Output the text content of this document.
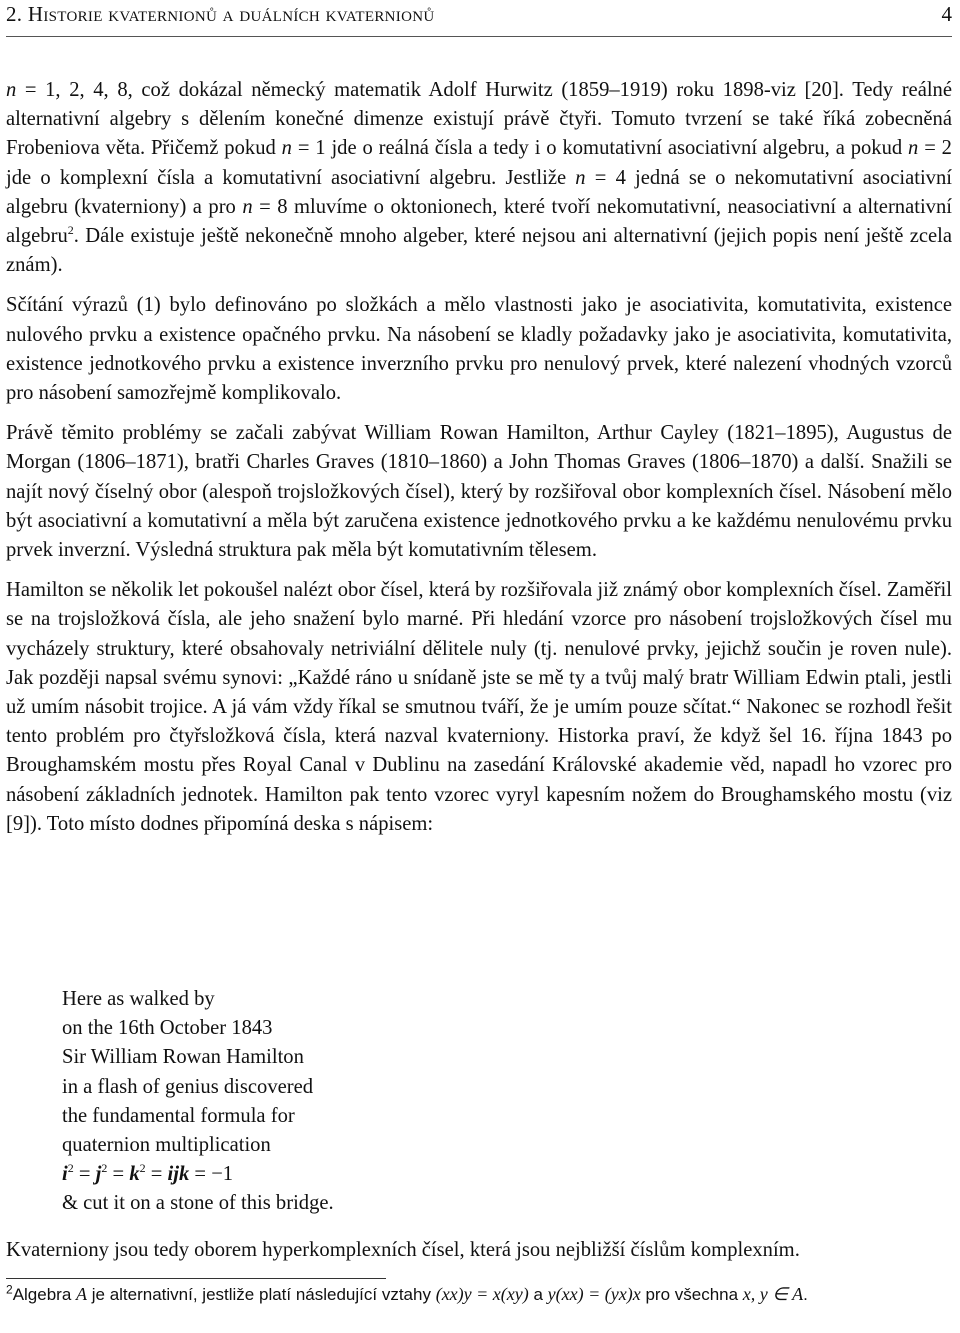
2. Historie kvaternionů a duálních kvaternionů	4

n = 1, 2, 4, 8, což dokázal německý matematik Adolf Hurwitz (1859–1919) roku 1898-viz [20]. Tedy reálné alternativní algebry s dělením konečné dimenze existují právě čtyři. Tomuto tvrzení se také říká zobecněná Frobeniova věta. Přičemž pokud n = 1 jde o reálná čísla a tedy i o komutativní asociativní algebru, a pokud n = 2 jde o komplexní čísla a komutativní asociativní algebru. Jestliže n = 4 jedná se o nekomutativní asociativní algebru (kvaterniony) a pro n = 8 mluvíme o oktonionech, které tvoří nekomutativní, neasociativní a alternativní algebru$^2$. Dále existuje ještě nekonečně mnoho algeber, které nejsou ani alternativní (jejich popis není ještě zcela znám).

Sčítání výrazů (1) bylo definováno po složkách a mělo vlastnosti jako je asociativita, komutativita, existence nulového prvku a existence opačného prvku. Na násobení se kladly požadavky jako je asociativita, komutativita, existence jednotkového prvku a existence inverzního prvku pro nenulový prvek, které nalezení vhodných vzorců pro násobení samozřejmě komplikovalo.

Právě těmito problémy se začali zabývat William Rowan Hamilton, Arthur Cayley (1821–1895), Augustus de Morgan (1806–1871), bratři Charles Graves (1810–1860) a John Thomas Graves (1806–1870) a další. Snažili se najít nový číselný obor (alespoň trojsložkových čísel), který by rozšiřoval obor komplexních čísel. Násobení mělo být asociativní a komutativní a měla být zaručena existence jednotkového prvku a ke každému nenulovému prvku prvek inverzní. Výsledná struktura pak měla být komutativním tělesem.

Hamilton se několik let pokoušel nalézt obor čísel, která by rozšiřovala již známý obor komplexních čísel. Zaměřil se na trojsložková čísla, ale jeho snažení bylo marné. Při hledání vzorce pro násobení trojsložkových čísel mu vycházely struktury, které obsahovaly netriviální dělitele nuly (tj. nenulové prvky, jejichž součin je roven nule). Jak později napsal svému synovi: „Každé ráno u snídaně jste se mě ty a tvůj malý bratr William Edwin ptali, jestli už umím násobit trojice. A já vám vždy říkal se smutnou tváří, že je umím pouze sčítat.“ Nakonec se rozhodl řešit tento problém pro čtyřsložková čísla, která nazval kvaterniony. Historka praví, že když šel 16. října 1843 po Broughamském mostu přes Royal Canal v Dublinu na zasedání Královské akademie věd, napadl ho vzorec pro násobení základních jednotek. Hamilton pak tento vzorec vyryl kapesním nožem do Broughamského mostu (viz [9]). Toto místo dodnes připomíná deska s nápisem:

Here as walked by
on the 16th October 1843
Sir William Rowan Hamilton
in a flash of genius discovered
the fundamental formula for
quaternion multiplication
$i^2 = j^2 = k^2$ = ijk = −1
& cut it on a stone of this bridge.
Kvaterniony jsou tedy oborem hyperkomplexních čísel, která jsou nejbližší číslům komplexním.
$^2$Algebra A je alternativní, jestliže platí následující vztahy (xx)y = x(xy) a y(xx) = (yx)x pro všechna x, y ∈ A.
